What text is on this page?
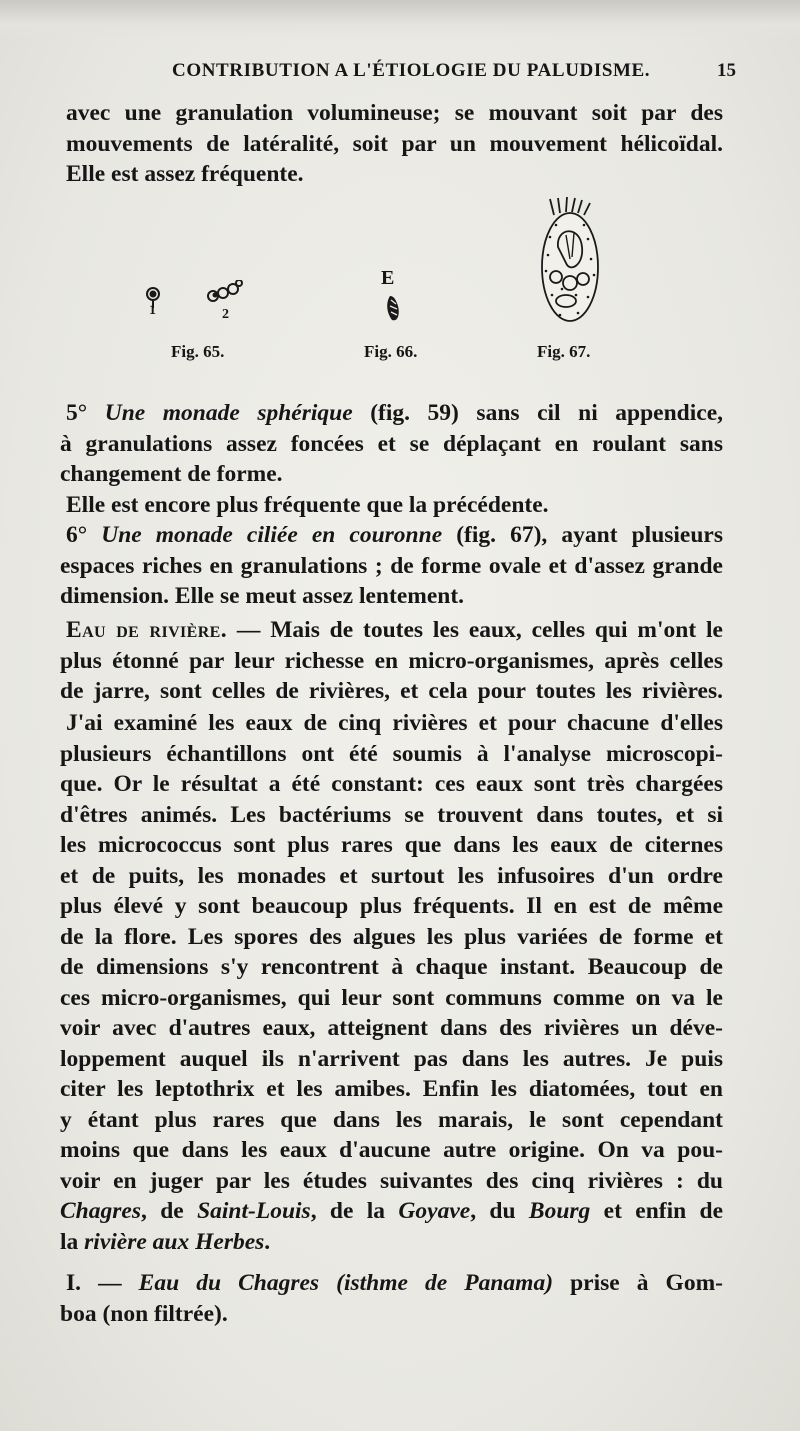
CONTRIBUTION A L'ÉTIOLOGIE DU PALUDISME.	15

avec une granulation volumineuse; se mouvant soit par des
mouvements de latéralité, soit par un mouvement hélicoïdal.
Elle est assez fréquente.

1	2
Fig. 65.
E
Fig. 66.	Fig. 67.

5° Une monade sphérique (fig. 59) sans cil ni appendice,
à granulations assez foncées et se déplaçant en roulant sans
changement de forme.
Elle est encore plus fréquente que la précédente.

6° Une monade ciliée en couronne (fig. 67), ayant plusieurs
espaces riches en granulations ; de forme ovale et d'assez grande
dimension. Elle se meut assez lentement.

Eau de rivière. — Mais de toutes les eaux, celles qui m'ont le
plus étonné par leur richesse en micro-organismes, après celles
de jarre, sont celles de rivières, et cela pour toutes les rivières.

J'ai examiné les eaux de cinq rivières et pour chacune d'elles
plusieurs échantillons ont été soumis à l'analyse microscopi-
que. Or le résultat a été constant: ces eaux sont très chargées
d'êtres animés. Les bactériums se trouvent dans toutes, et si
les micrococcus sont plus rares que dans les eaux de citernes
et de puits, les monades et surtout les infusoires d'un ordre
plus élevé y sont beaucoup plus fréquents. Il en est de même
de la flore. Les spores des algues les plus variées de forme et
de dimensions s'y rencontrent à chaque instant. Beaucoup de
ces micro-organismes, qui leur sont communs comme on va le
voir avec d'autres eaux, atteignent dans des rivières un déve-
loppement auquel ils n'arrivent pas dans les autres. Je puis
citer les leptothrix et les amibes. Enfin les diatomées, tout en
y étant plus rares que dans les marais, le sont cependant
moins que dans les eaux d'aucune autre origine. On va pou-
voir en juger par les études suivantes des cinq rivières : du
Chagres, de Saint-Louis, de la Goyave, du Bourg et enfin de
la rivière aux Herbes.

I. — Eau du Chagres (isthme de Panama) prise à Gom-
boa (non filtrée).
